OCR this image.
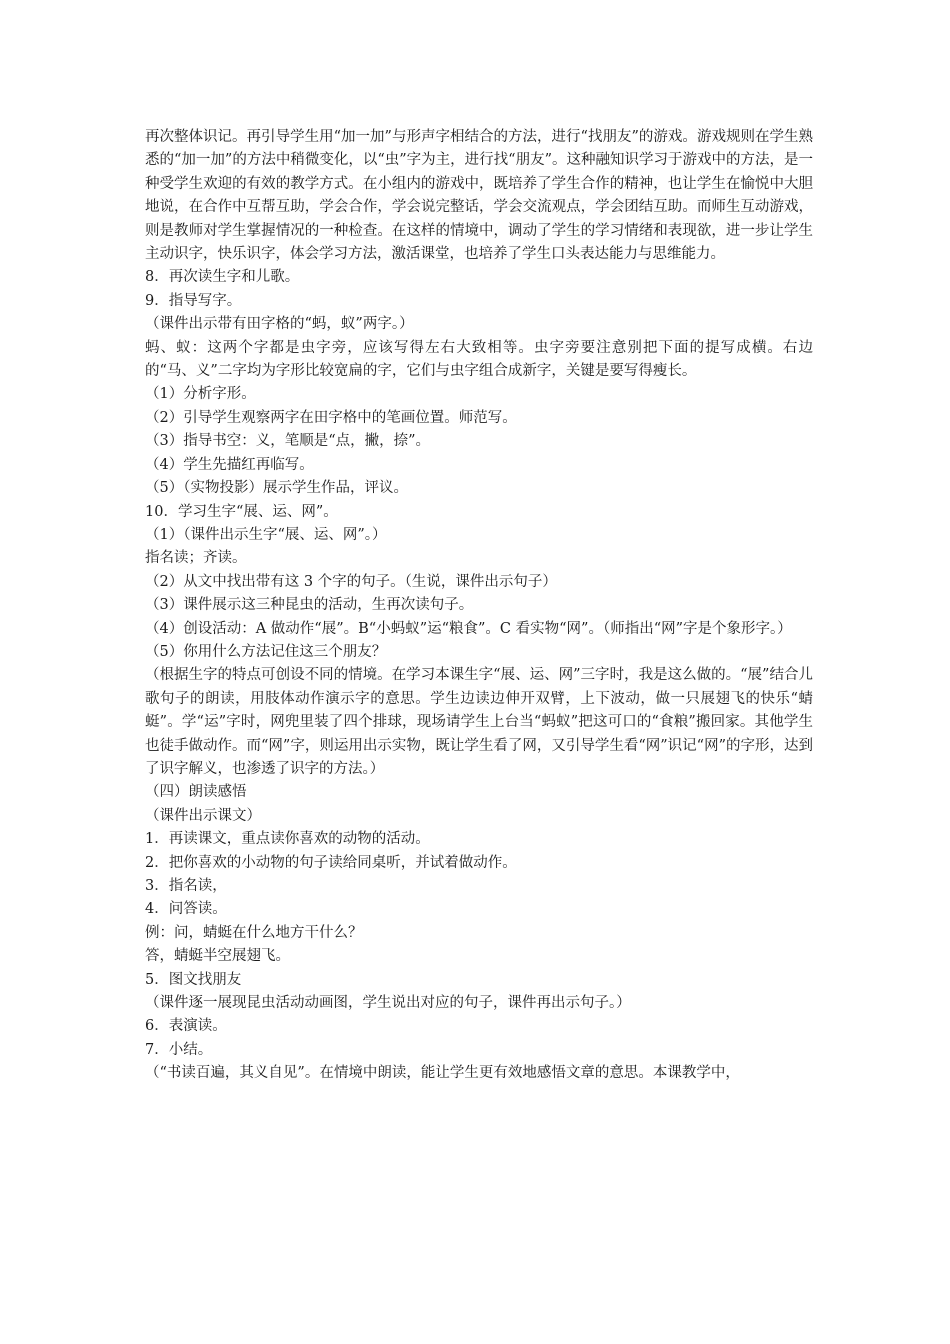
再次整体识记。再引导学生用“加一加”与形声字相结合的方法，进行“找朋友”的游戏。游戏规则在学生熟悉的“加一加”的方法中稍微变化，以“虫”字为主，进行找“朋友”。这种融知识学习于游戏中的方法，是一种受学生欢迎的有效的教学方式。在小组内的游戏中，既培养了学生合作的精神，也让学生在愉悦中大胆地说，在合作中互帮互助，学会合作，学会说完整话，学会交流观点，学会团结互助。而师生互动游戏，则是教师对学生掌握情况的一种检查。在这样的情境中，调动了学生的学习情绪和表现欲，进一步让学生主动识字，快乐识字，体会学习方法，激活课堂，也培养了学生口头表达能力与思维能力。

8．再次读生字和儿歌。

9．指导写字。

（课件出示带有田字格的“蚂，蚁”两字。）

蚂、蚁：这两个字都是虫字旁，应该写得左右大致相等。虫字旁要注意别把下面的提写成横。右边的“马、义”二字均为字形比较宽扁的字，它们与虫字组合成新字，关键是要写得瘦长。

（1）分析字形。

（2）引导学生观察两字在田字格中的笔画位置。师范写。

（3）指导书空：义，笔顺是“点，撇，捺”。

（4）学生先描红再临写。

（5）（实物投影）展示学生作品，评议。

10．学习生字“展、运、网”。

（1）（课件出示生字“展、运、网”。）

指名读；齐读。

（2）从文中找出带有这 3 个字的句子。（生说，课件出示句子）

（3）课件展示这三种昆虫的活动，生再次读句子。

（4）创设活动：A 做动作“展”。B“小蚂蚁”运“粮食”。C 看实物“网”。（师指出“网”字是个象形字。）

（5）你用什么方法记住这三个朋友？

（根据生字的特点可创设不同的情境。在学习本课生字“展、运、网”三字时，我是这么做的。“展”结合儿歌句子的朗读，用肢体动作演示字的意思。学生边读边伸开双臂，上下波动，做一只展翅飞的快乐“蜻蜓”。学“运”字时，网兜里装了四个排球，现场请学生上台当“蚂蚁”把这可口的“食粮”搬回家。其他学生也徒手做动作。而“网”字，则运用出示实物，既让学生看了网，又引导学生看“网”识记“网”的字形，达到了识字解义，也渗透了识字的方法。）

（四）朗读感悟

（课件出示课文）

1．再读课文，重点读你喜欢的动物的活动。

2．把你喜欢的小动物的句子读给同桌听，并试着做动作。

3．指名读，

4．问答读。

例：问，蜻蜓在什么地方干什么？

答，蜻蜓半空展翅飞。

5．图文找朋友

（课件逐一展现昆虫活动动画图，学生说出对应的句子，课件再出示句子。）

6．表演读。

7．小结。

（“书读百遍，其义自见”。在情境中朗读，能让学生更有效地感悟文章的意思。本课教学中，
